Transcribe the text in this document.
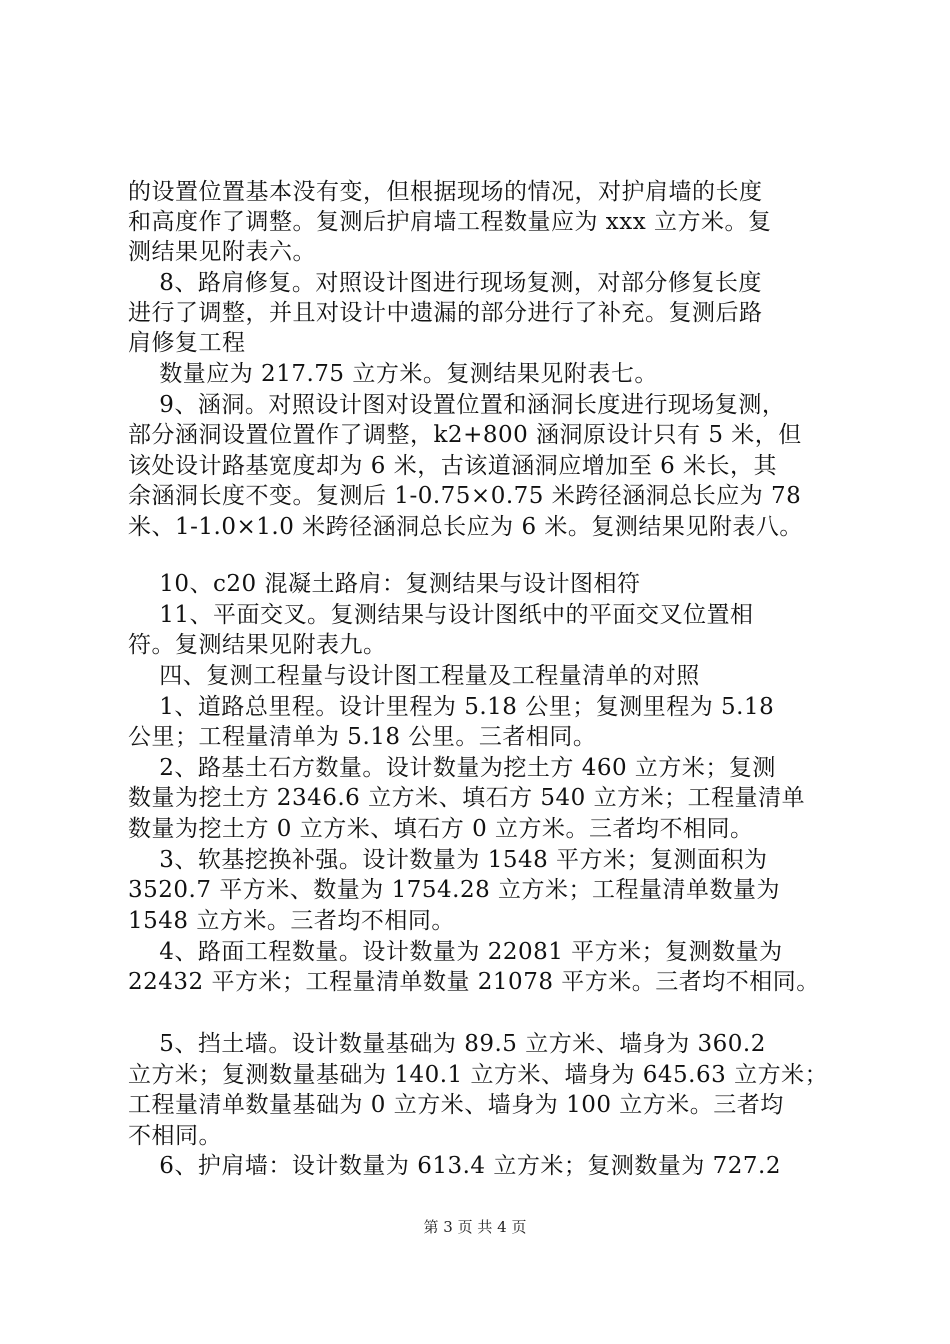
的设置位置基本没有变，但根据现场的情况，对护肩墙的长度
和高度作了调整。复测后护肩墙工程数量应为 xxx 立方米。复
测结果见附表六。
8、路肩修复。对照设计图进行现场复测，对部分修复长度
进行了调整，并且对设计中遗漏的部分进行了补充。复测后路
肩修复工程
数量应为 217.75 立方米。复测结果见附表七。
9、涵洞。对照设计图对设置位置和涵洞长度进行现场复测，
部分涵洞设置位置作了调整，k2+800 涵洞原设计只有 5 米，但
该处设计路基宽度却为 6 米，古该道涵洞应增加至 6 米长，其
余涵洞长度不变。复测后 1-0.75×0.75 米跨径涵洞总长应为 78
米、1-1.0×1.0 米跨径涵洞总长应为 6 米。复测结果见附表八。
10、c20 混凝土路肩：复测结果与设计图相符
11、平面交叉。复测结果与设计图纸中的平面交叉位置相
符。复测结果见附表九。
四、复测工程量与设计图工程量及工程量清单的对照
1、道路总里程。设计里程为 5.18 公里；复测里程为 5.18
公里；工程量清单为 5.18 公里。三者相同。
2、路基土石方数量。设计数量为挖土方 460 立方米；复测
数量为挖土方 2346.6 立方米、填石方 540 立方米；工程量清单
数量为挖土方 0 立方米、填石方 0 立方米。三者均不相同。
3、软基挖换补强。设计数量为 1548 平方米；复测面积为
3520.7 平方米、数量为 1754.28 立方米；工程量清单数量为
1548 立方米。三者均不相同。
4、路面工程数量。设计数量为 22081 平方米；复测数量为
22432 平方米；工程量清单数量 21078 平方米。三者均不相同。
5、挡土墙。设计数量基础为 89.5 立方米、墙身为 360.2
立方米；复测数量基础为 140.1 立方米、墙身为 645.63 立方米；
工程量清单数量基础为 0 立方米、墙身为 100 立方米。三者均
不相同。
6、护肩墙：设计数量为 613.4 立方米；复测数量为 727.2
第 3 页 共 4 页
